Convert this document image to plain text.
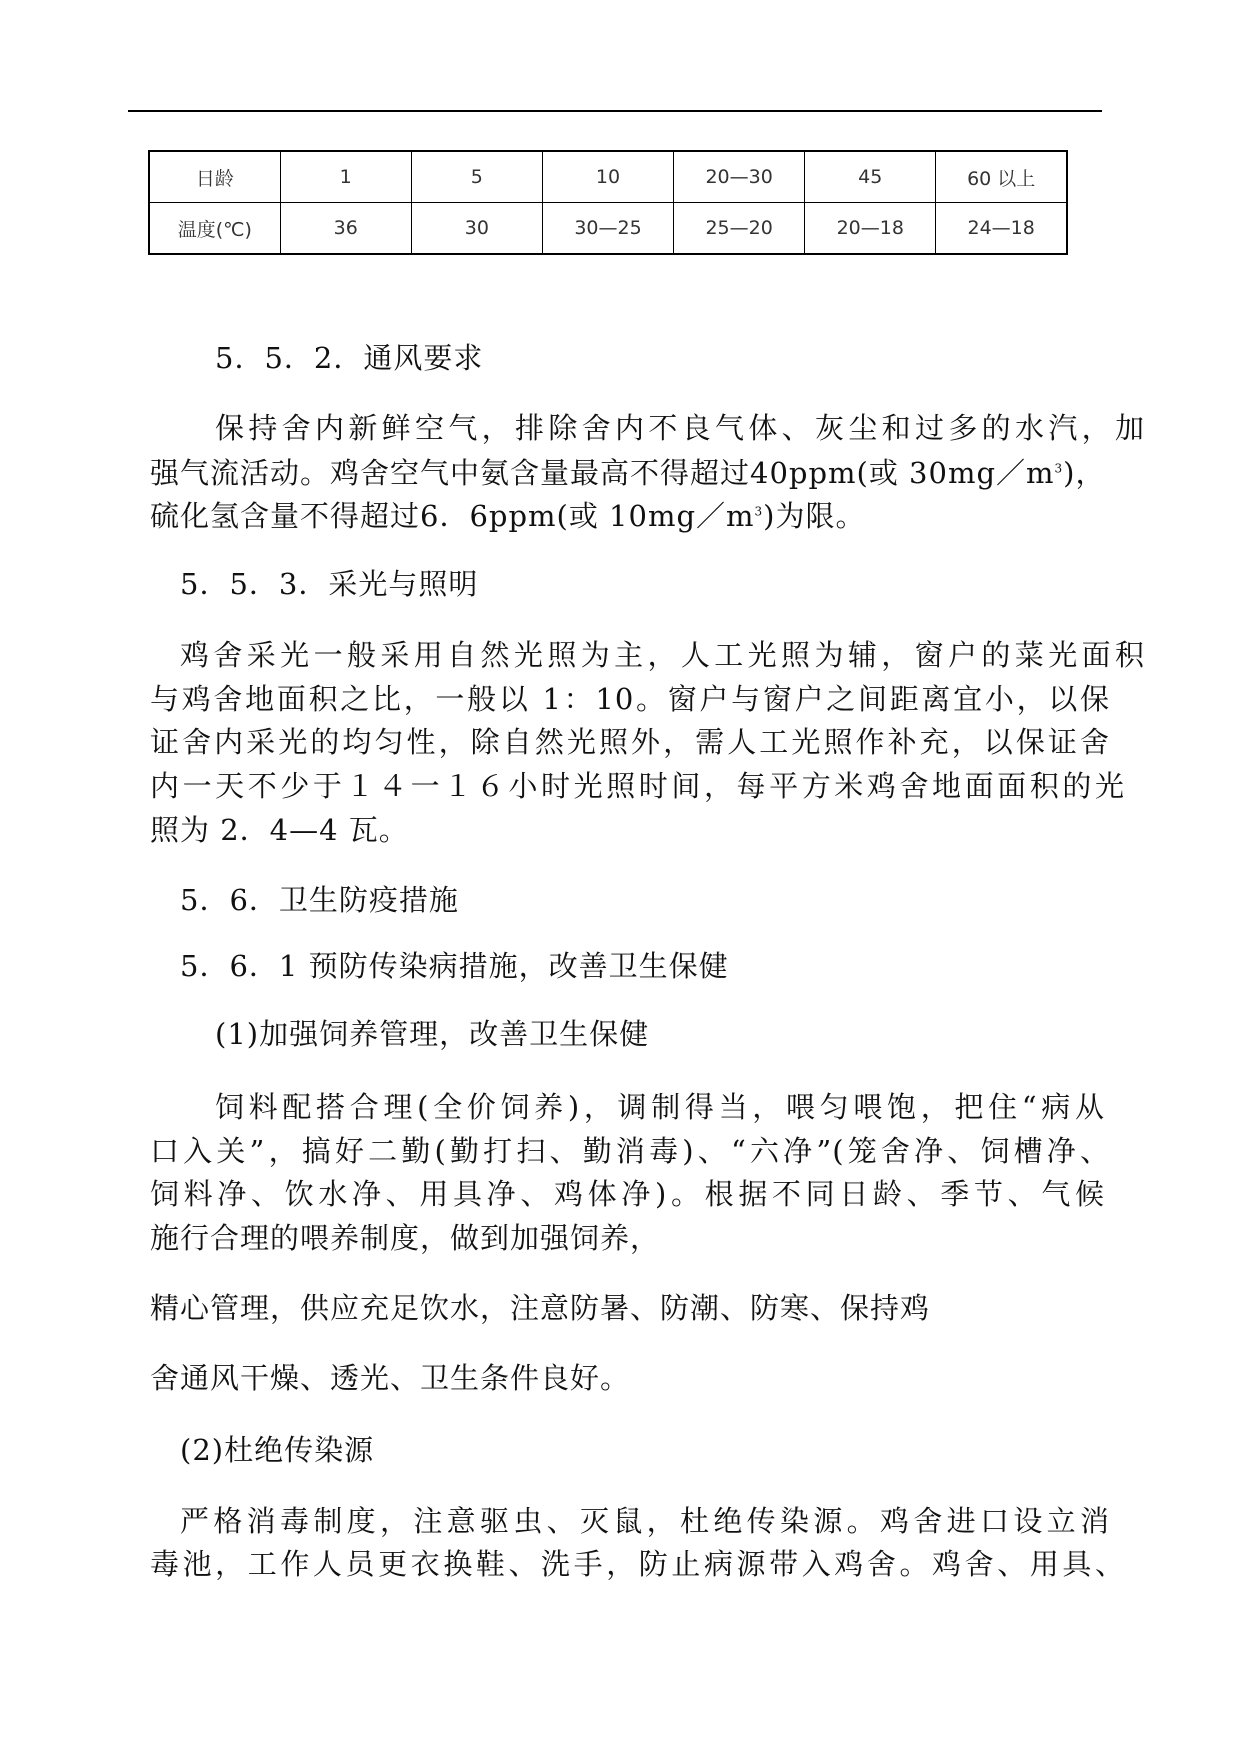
日龄	1	5	10	20—30	45	60 以上
温度(℃)	36	30	30—25	25—20	20—18	24—18
5．5．2．通风要求
保持舍内新鲜空气，排除舍内不良气体、灰尘和过多的水汽，加
强气流活动。鸡舍空气中氨含量最高不得超过40ppm(或 $30mg/m^3$)，
硫化氢含量不得超过6．6ppm(或 $10mg/m^3$)为限。
5．5．3．采光与照明
鸡舍采光一般采用自然光照为主，人工光照为辅，窗户的菜光面积
与鸡舍地面积之比，一般以 1：10。窗户与窗户之间距离宜小，以保
证舍内采光的均匀性，除自然光照外，需人工光照作补充，以保证舍
内一天不少于１４一１６小时光照时间，每平方米鸡舍地面面积的光
照为 2．4—4 瓦。
5．6．卫生防疫措施
5．6．1 预防传染病措施，改善卫生保健
(1)加强饲养管理，改善卫生保健
饲料配搭合理(全价饲养)，调制得当，喂匀喂饱，把住“病从
口入关”，搞好二勤(勤打扫、勤消毒)、“六净”(笼舍净、饲槽净、
饲料净、饮水净、用具净、鸡体净)。根据不同日龄、季节、气候
施行合理的喂养制度，做到加强饲养，
精心管理，供应充足饮水，注意防暑、防潮、防寒、保持鸡
舍通风干燥、透光、卫生条件良好。
(2)杜绝传染源
严格消毒制度，注意驱虫、灭鼠，杜绝传染源。鸡舍进口设立消
毒池，工作人员更衣换鞋、洗手，防止病源带入鸡舍。鸡舍、用具、
